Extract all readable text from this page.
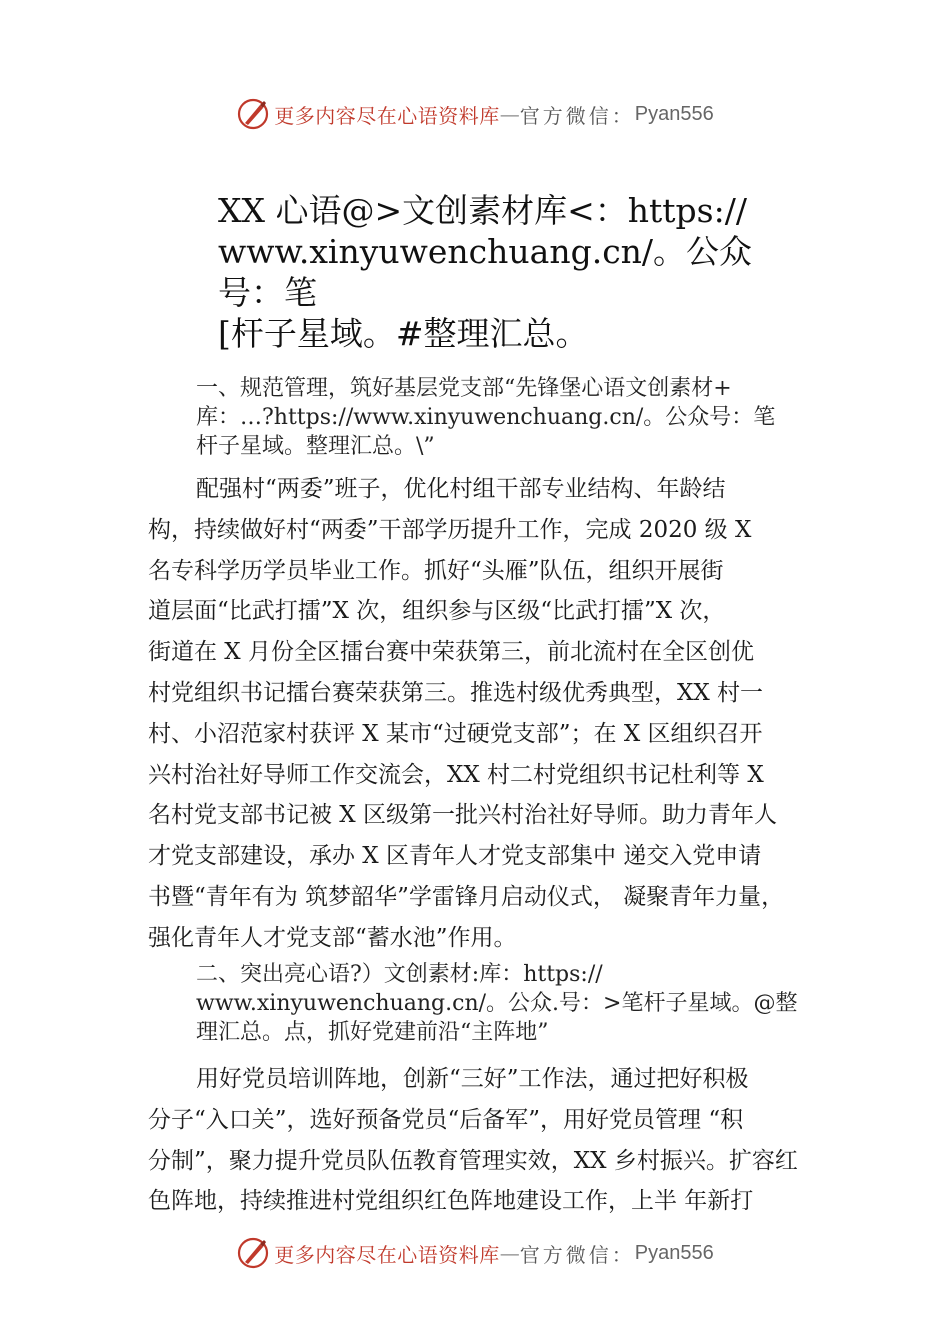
更多内容尽在心语资料库 — 官方微信： Pyan556
XX 心语@>文创素材库<：https://
www.xinyuwenchuang.cn/。公众号：笔
[杆子星域。#整理汇总。
一、规范管理，筑好基层党支部“先锋堡心语文创素材+
库：…?https://www.xinyuwenchuang.cn/。公众号：笔
杆子星域。整理汇总。\”
配强村“两委”班子，优化村组干部专业结构、年龄结
构，持续做好村“两委”干部学历提升工作，完成 2020 级 X
名专科学历学员毕业工作。抓好“头雁”队伍，组织开展街
道层面“比武打擂”X 次，组织参与区级“比武打擂”X 次，
街道在 X 月份全区擂台赛中荣获第三，前北流村在全区创优
村党组织书记擂台赛荣获第三。推选村级优秀典型，XX 村一
村、小沼范家村获评 X 某市“过硬党支部”；在 X 区组织召开
兴村治社好导师工作交流会，XX 村二村党组织书记杜利等 X
名村党支部书记被 X 区级第一批兴村治社好导师。助力青年人
才党支部建设，承办 X 区青年人才党支部集中 递交入党申请
书暨“青年有为 筑梦韶华”学雷锋月启动仪式， 凝聚青年力量，
强化青年人才党支部“蓄水池”作用。
二、突出亮心语?）文创素材:库：https://
www.xinyuwenchuang.cn/。公众.号：>笔杆子星域。@整
理汇总。点，抓好党建前沿“主阵地”
用好党员培训阵地，创新“三好”工作法，通过把好积极
分子“入口关”，选好预备党员“后备军”，用好党员管理 “积
分制”，聚力提升党员队伍教育管理实效，XX 乡村振兴。扩容红
色阵地，持续推进村党组织红色阵地建设工作，上半 年新打
更多内容尽在心语资料库 — 官方微信： Pyan556
